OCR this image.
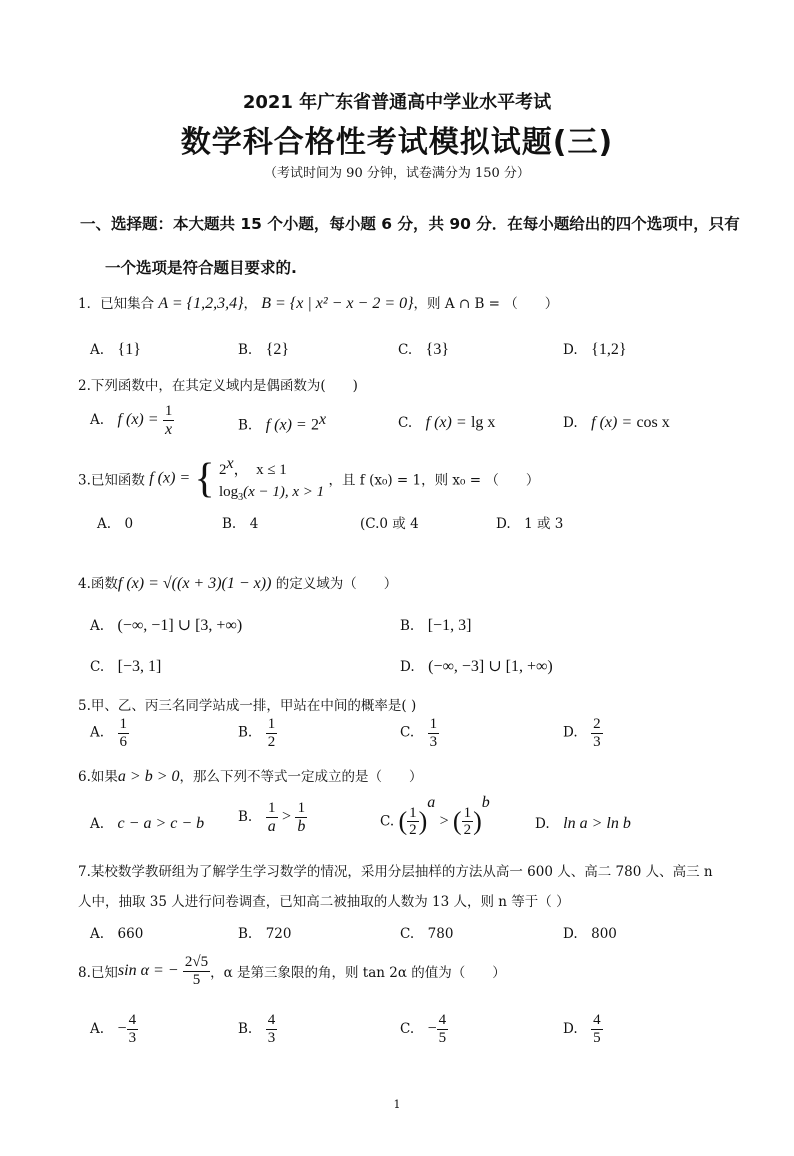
2021 年广东省普通高中学业水平考试
数学科合格性考试模拟试题(三)
（考试时间为 90 分钟，试卷满分为 150 分）
一、选择题：本大题共 15 个小题，每小题 6 分，共 90 分．在每小题给出的四个选项中，只有
一个选项是符合题目要求的.
1．已知集合 A = {1,2,3,4}， B = {x | x² − x − 2 = 0}，则 A ∩ B = （　　）
A.　 {1}	B.　 {2}	C.　 {3}	D.　 {1,2}
2.下列函数中，在其定义域内是偶函数为(　　)
A.　 f $(x) = \frac{1}{x}$	B.　 f $(x) = 2^x$	C.　 f (x) = lg x	D.　 f (x) = cos x
3.已知函数 f (x) = { 2$^x$，　x ≤ 1
$\log_3(x - 1)$, x > 1
，且 f (x₀) = 1，则 x₀ = （　　）
A.　0	B.　4	(C.0 或 4	D.　1 或 3
4.函数f (x) = √((x + 3)(1 − x)) 的定义域为（　　）
A.　 (−∞, −1] ∪ [3, +∞)	B.　 [−1, 3]
C.　 [−3, 1]	D.　 (−∞, −3] ∪ [1, +∞)
5.甲、乙、丙三名同学站成一排，甲站在中间的概率是( )
A.　 $\frac{1}{6}$	B.　 $\frac{1}{2}$	C.　 $\frac{1}{3}$	D.　 $\frac{2}{3}$
6.如果a > b > 0，那么下列不等式一定成立的是（　　）
A.　 c − a > c − b	B.　 $\frac{1}{a} > \frac{1}{b}$	C. ( $\frac{1}{2} )^a$ > ( $\frac{1}{2} )^b$
D.　 ln a > ln b
7.某校数学教研组为了解学生学习数学的情况，采用分层抽样的方法从高一 600 人、高二 780 人、高三 n
人中，抽取 35 人进行问卷调查，已知高二被抽取的人数为 13 人，则 n 等于（ ）
A.　660	B.　720	C.　780	D.　800
8.已知sin α = − $\frac{2√5}{5}$ ，α 是第三象限的角，则 tan 2α 的值为（　　）
A.　 − $\frac{4}{3}$	B.　 $\frac{4}{3}$	C.　 − $\frac{4}{5}$	D.　 $\frac{4}{5}$
1
